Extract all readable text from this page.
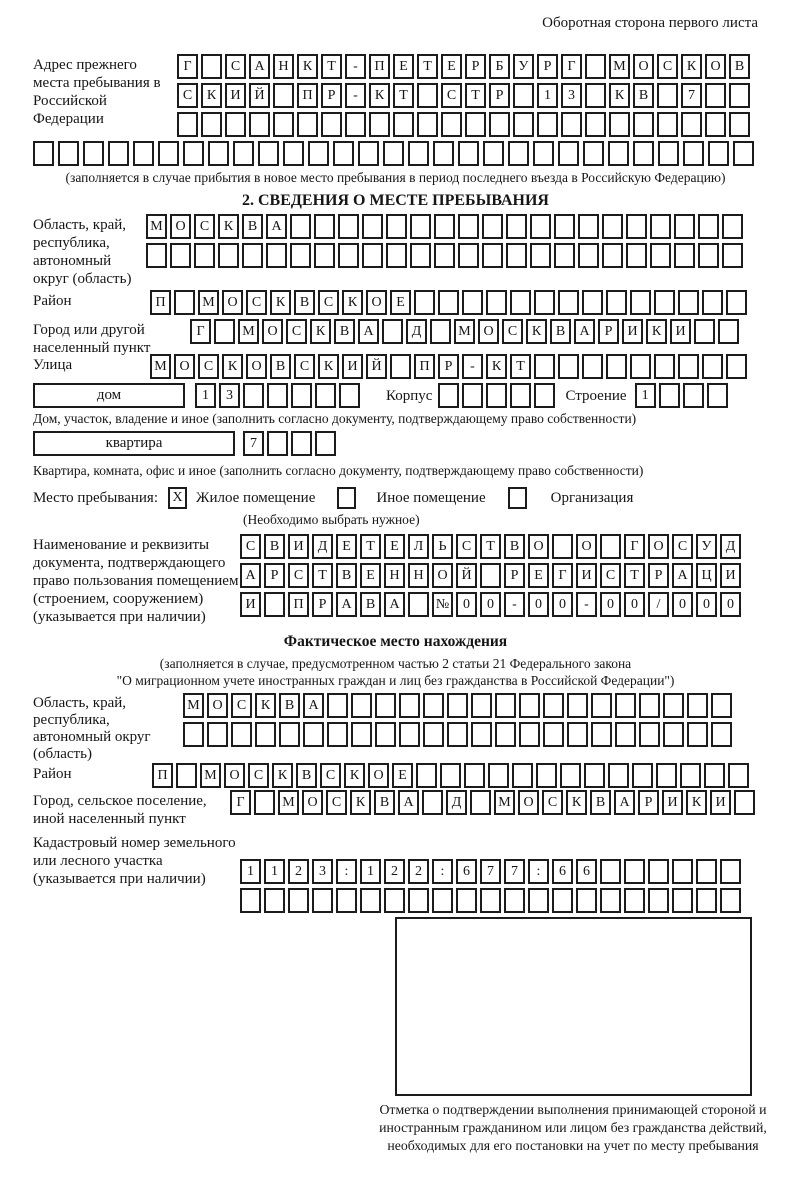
Оборотная сторона первого листа
Адрес прежнего места пребывания в Российской Федерации
Г	С	А Н	К	Т	-	П	Е	Т	Е	Р	Б	У	Р	Г	М О	С	К	О	В
С	К	И Й	П	Р	-	К	Т	С	Т	Р	1	3	К	В	7
(заполняется в случае прибытия в новое место пребывания в период последнего въезда в Российскую Федерацию)
2. СВЕДЕНИЯ О МЕСТЕ ПРЕБЫВАНИЯ
Область, край, республика, автономный округ (область)
М О	С	К	В	А
Район	П	М О	С	К	В	С	К	О	Е
Город или другой населенный пункт
Г	М О	С	К	В	А	Д	М О	С	К	В	А	Р	И	К	И
Улица	М О	С	К	О	В	С	К	И Й	П	Р	-	К	Т
дом	1	3	Корпус	Строение	1
Дом, участок, владение и иное (заполнить согласно документу, подтверждающему право собственности)
квартира	7
Квартира, комната, офис и иное (заполнить согласно документу, подтверждающему право собственности)
Место пребывания:	X Жилое помещение	Иное помещение	Организация
(Необходимо выбрать нужное)
Наименование и реквизиты документа, подтверждающего право пользования помещением (строением, сооружением) (указывается при наличии)
С	В	И	Д	Е	Т	Е	Л	Ь	С	Т	В	О	О	Г	О	С	У	Д
А	Р	С	Т	В	Е	Н Н О Й	Р	Е	Г	И	С	Т	Р	А Ц И
И	П	Р	А	В	А	№ 0	0	-	0	0	-	0	0	/	0	0	0
Фактическое место нахождения
(заполняется в случае, предусмотренном частью 2 статьи 21 Федерального закона
"О миграционном учете иностранных граждан и лиц без гражданства в Российской Федерации")
Область, край, республика, автономный округ (область)
М О	С	К	В	А
Район	П	М О	С	К	В	С	К	О	Е
Город, сельское поселение, иной населенный пункт
Г	М О	С	К	В	А	Д	М О	С	К	В	А	Р	И	К	И
Кадастровый номер земельного или лесного участка (указывается при наличии)	1	1	2	3	:	1	2	2	:	6	7	7	:	6	6
Отметка о подтверждении выполнения принимающей стороной и иностранным гражданином или лицом без гражданства действий, необходимых для его постановки на учет по месту пребывания
